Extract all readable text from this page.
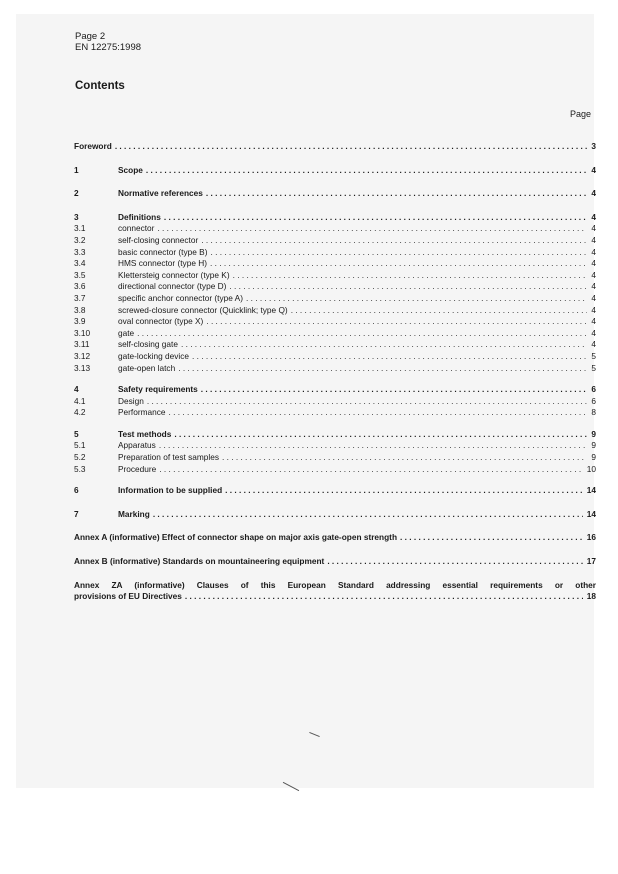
Page 2
EN 12275:1998
Contents
Page
Foreword . . .	3
1	Scope . . .	4
2	Normative references . . .	4
3	Definitions . . .	4
3.1	connector . . .	4
3.2	self-closing connector . . .	4
3.3	basic connector (type B) . . .	4
3.4	HMS connector (type H) . . .	4
3.5	Klettersteig connector (type K) . . .	4
3.6	directional connector (type D) . . .	4
3.7	specific anchor connector (type A) . . .	4
3.8	screwed-closure connector (Quicklink; type Q) . . .	4
3.9	oval connector (type X) . . .	4
3.10	gate . . .	4
3.11	self-closing gate . . .	4
3.12	gate-locking device . . .	5
3.13	gate-open latch . . .	5
4	Safety requirements . . .	6
4.1	Design . . .	6
4.2	Performance . . .	8
5	Test methods . . .	9
5.1	Apparatus . . .	9
5.2	Preparation of test samples . . .	9
5.3	Procedure . . .	10
6	Information to be supplied . . .	14
7	Marking . . .	14
Annex A (informative) Effect of connector shape on major axis gate-open strength . . .	16
Annex B (informative) Standards on mountaineering equipment . . .	17
Annex ZA (informative) Clauses of this European Standard addressing essential requirements or other
provisions of EU Directives . . .	18
